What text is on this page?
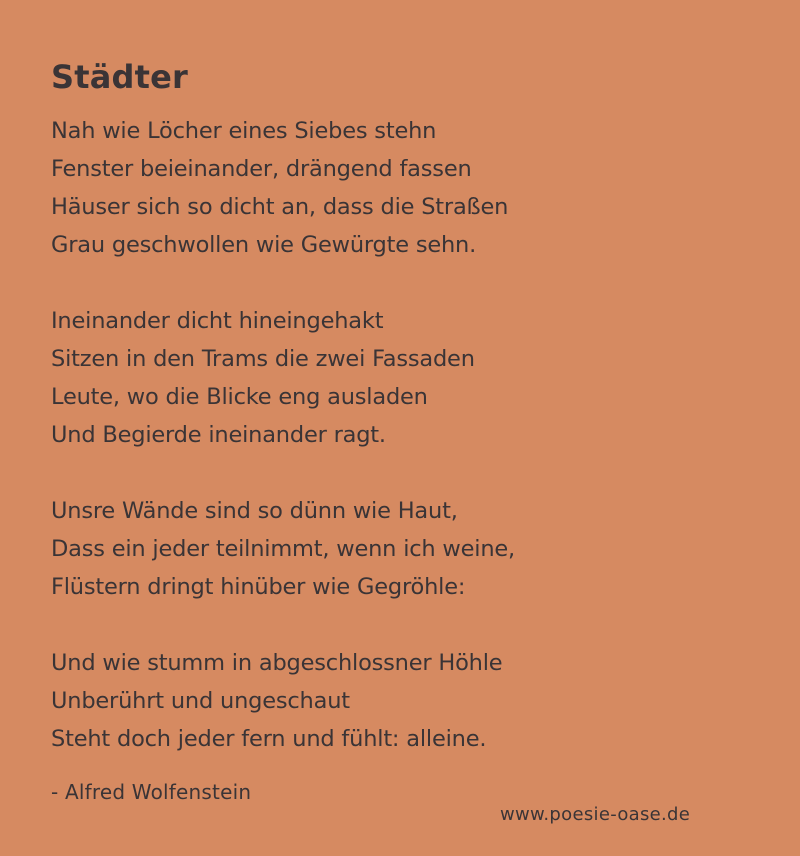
Städter
Nah wie Löcher eines Siebes stehn
Fenster beieinander, drängend fassen
Häuser sich so dicht an, dass die Straßen
Grau geschwollen wie Gewürgte sehn.
Ineinander dicht hineingehakt
Sitzen in den Trams die zwei Fassaden
Leute, wo die Blicke eng ausladen
Und Begierde ineinander ragt.
Unsre Wände sind so dünn wie Haut,
Dass ein jeder teilnimmt, wenn ich weine,
Flüstern dringt hinüber wie Gegröhle:
Und wie stumm in abgeschlossner Höhle
Unberührt und ungeschaut
Steht doch jeder fern und fühlt: alleine.
- Alfred Wolfenstein
www.poesie-oase.de
